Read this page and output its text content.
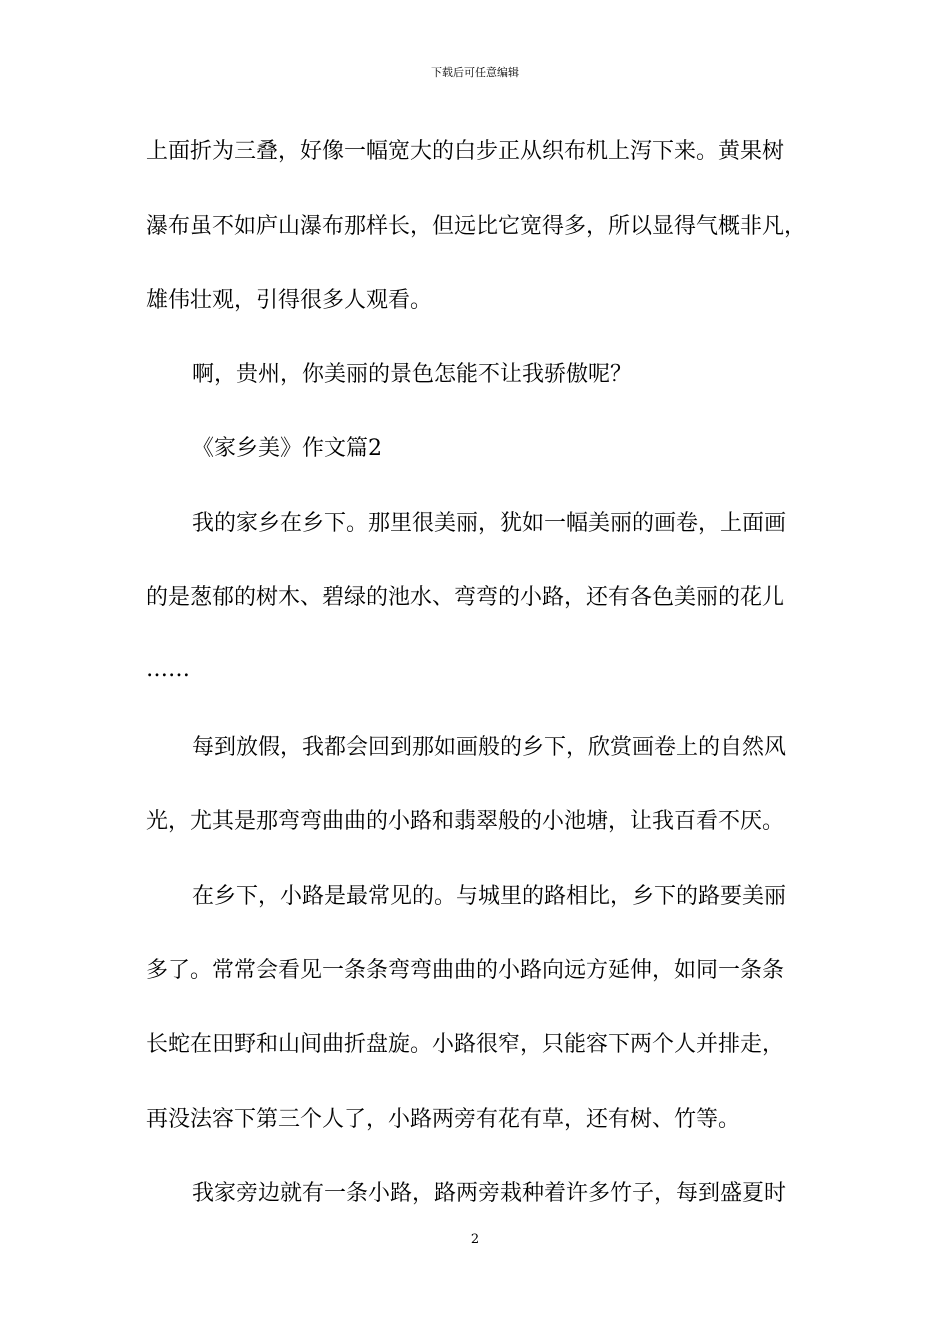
下载后可任意编辑
上面折为三叠，好像一幅宽大的白步正从织布机上泻下来。黄果树
瀑布虽不如庐山瀑布那样长，但远比它宽得多，所以显得气概非凡，
雄伟壮观，引得很多人观看。
啊，贵州，你美丽的景色怎能不让我骄傲呢？
《家乡美》作文篇2
我的家乡在乡下。那里很美丽，犹如一幅美丽的画卷，上面画
的是葱郁的树木、碧绿的池水、弯弯的小路，还有各色美丽的花儿
……
每到放假，我都会回到那如画般的乡下，欣赏画卷上的自然风
光，尤其是那弯弯曲曲的小路和翡翠般的小池塘，让我百看不厌。
在乡下，小路是最常见的。与城里的路相比，乡下的路要美丽
多了。常常会看见一条条弯弯曲曲的小路向远方延伸，如同一条条
长蛇在田野和山间曲折盘旋。小路很窄，只能容下两个人并排走，
再没法容下第三个人了，小路两旁有花有草，还有树、竹等。
我家旁边就有一条小路，路两旁栽种着许多竹子，每到盛夏时
2
